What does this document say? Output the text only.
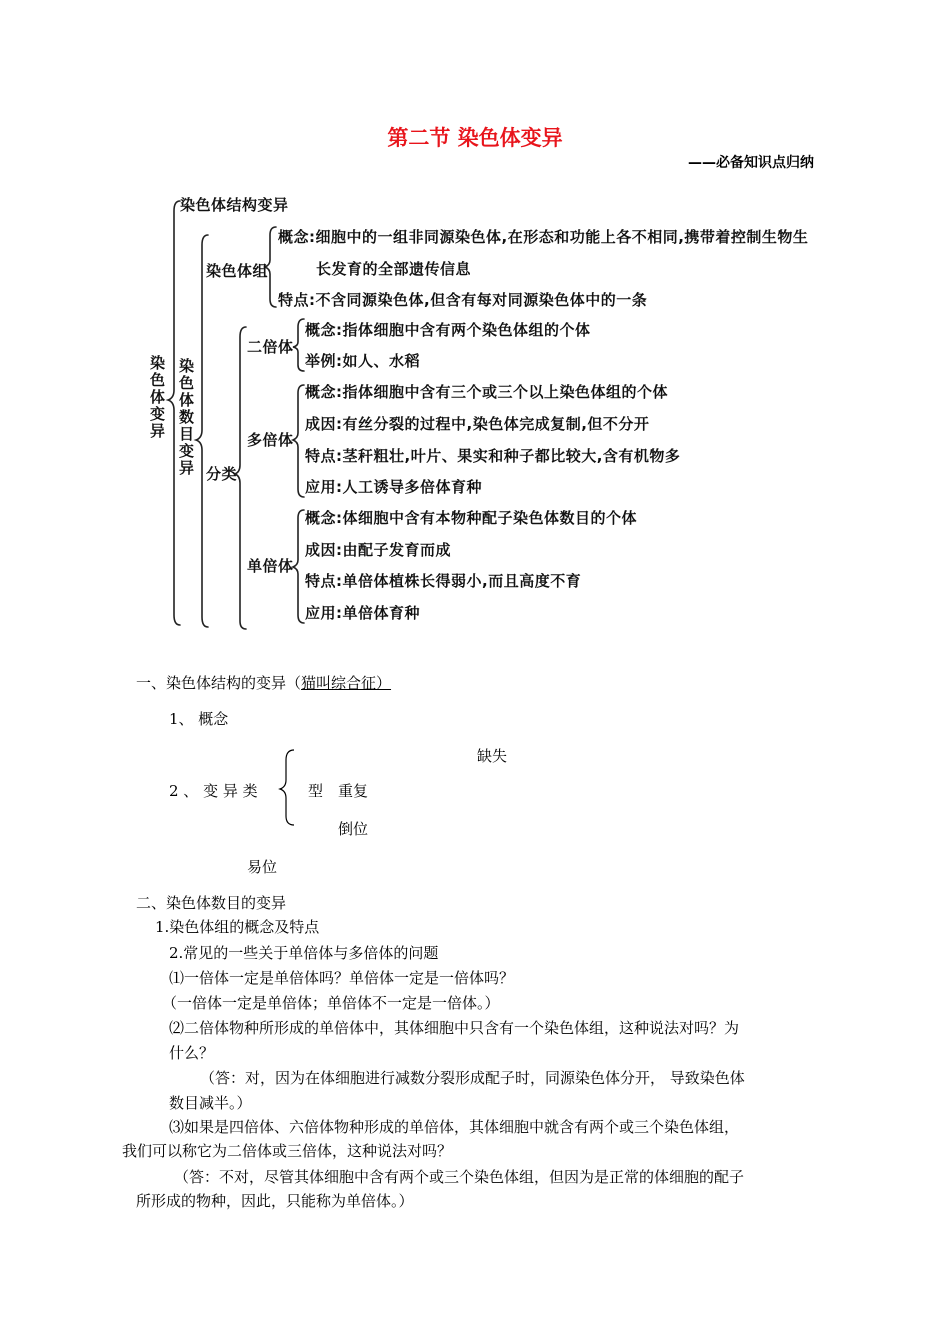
第二节 染色体变异
——必备知识点归纳
染色体变异
染色体结构变异
染色体数目变异
染色体组
概念:细胞中的一组非同源染色体,在形态和功能上各不相同,携带着控制生物生
长发育的全部遗传信息
特点:不含同源染色体,但含有每对同源染色体中的一条
分类
二倍体
概念:指体细胞中含有两个染色体组的个体
举例:如人、水稻
多倍体
概念:指体细胞中含有三个或三个以上染色体组的个体
成因:有丝分裂的过程中,染色体完成复制,但不分开
特点:茎秆粗壮,叶片、果实和种子都比较大,含有机物多
应用:人工诱导多倍体育种
单倍体
概念:体细胞中含有本物种配子染色体数目的个体
成因:由配子发育而成
特点:单倍体植株长得弱小,而且高度不育
应用:单倍体育种
一、染色体结构的变异（猫叫综合征）
1、 概念
2 、 变 异 类	型
缺失
重复
倒位
易位
二、染色体数目的变异
1.染色体组的概念及特点
2.常见的一些关于单倍体与多倍体的问题
⑴一倍体一定是单倍体吗？单倍体一定是一倍体吗？
（一倍体一定是单倍体；单倍体不一定是一倍体。）
⑵二倍体物种所形成的单倍体中，其体细胞中只含有一个染色体组，这种说法对吗？为
什么？
（答：对，因为在体细胞进行减数分裂形成配子时，同源染色体分开， 导致染色体
数目减半。）
⑶如果是四倍体、六倍体物种形成的单倍体，其体细胞中就含有两个或三个染色体组，
我们可以称它为二倍体或三倍体，这种说法对吗？
（答：不对，尽管其体细胞中含有两个或三个染色体组，但因为是正常的体细胞的配子
所形成的物种，因此，只能称为单倍体。）
